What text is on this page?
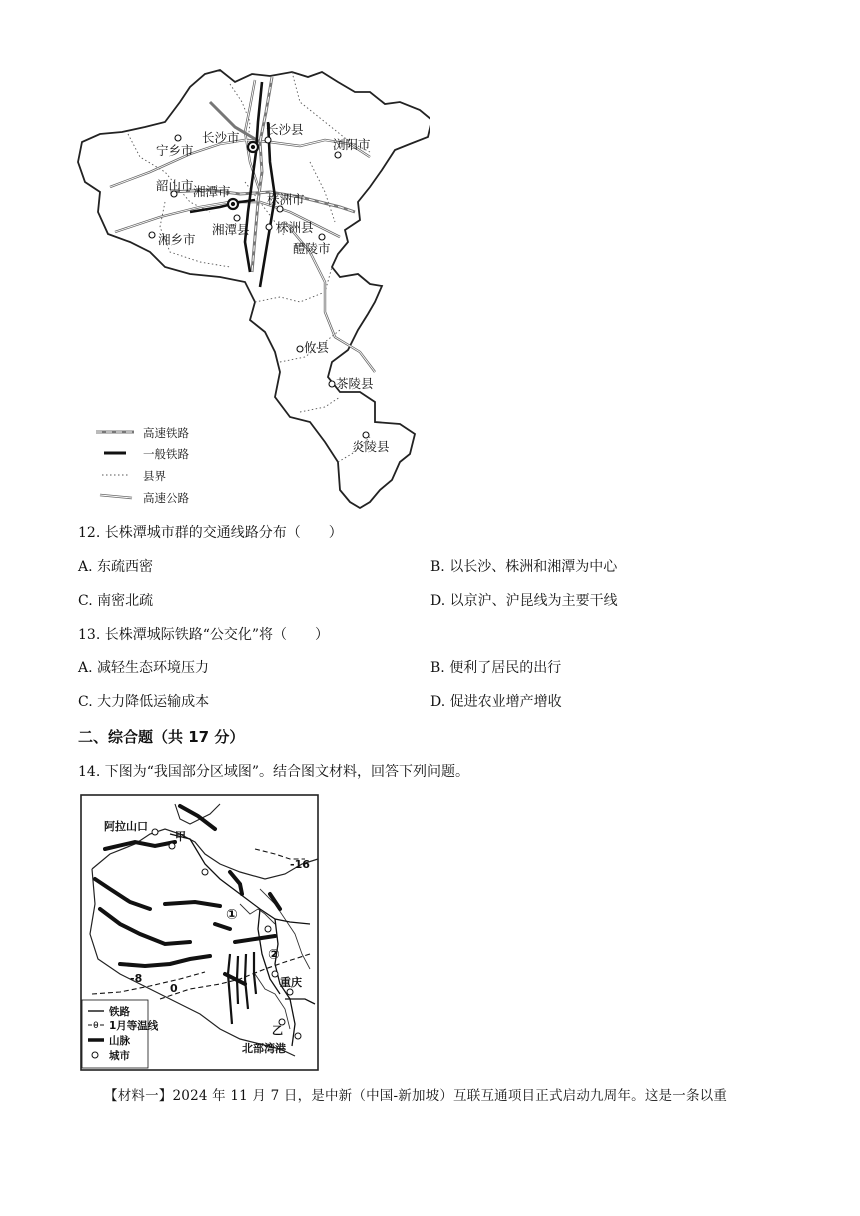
长沙市
长沙县
宁乡市	浏阳市
韶山市 湘潭市
株洲市
湘乡市
湘潭县 株洲县
醴陵市
攸县
茶陵县
炎陵县
高速铁路
一般铁路
县界
高速公路
12. 长株潭城市群的交通线路分布（　　）
A. 东疏西密	B. 以长沙、株洲和湘潭为中心
C. 南密北疏	D. 以京沪、沪昆线为主要干线
13. 长株潭城际铁路“公交化”将（　　）
A. 减轻生态环境压力	B. 便利了居民的出行
C. 大力降低运输成本	D. 促进农业增产增收
二、综合题（共 17 分）
14. 下图为“我国部分区域图”。结合图文材料，回答下列问题。
阿拉山口
甲
-16
①
②
-8
0	重庆
乙
北部湾港
0
铁路
1月等温线
山脉
城市
【材料一】2024 年 11 月 7 日，是中新（中国-新加坡）互联互通项目正式启动九周年。这是一条以重
